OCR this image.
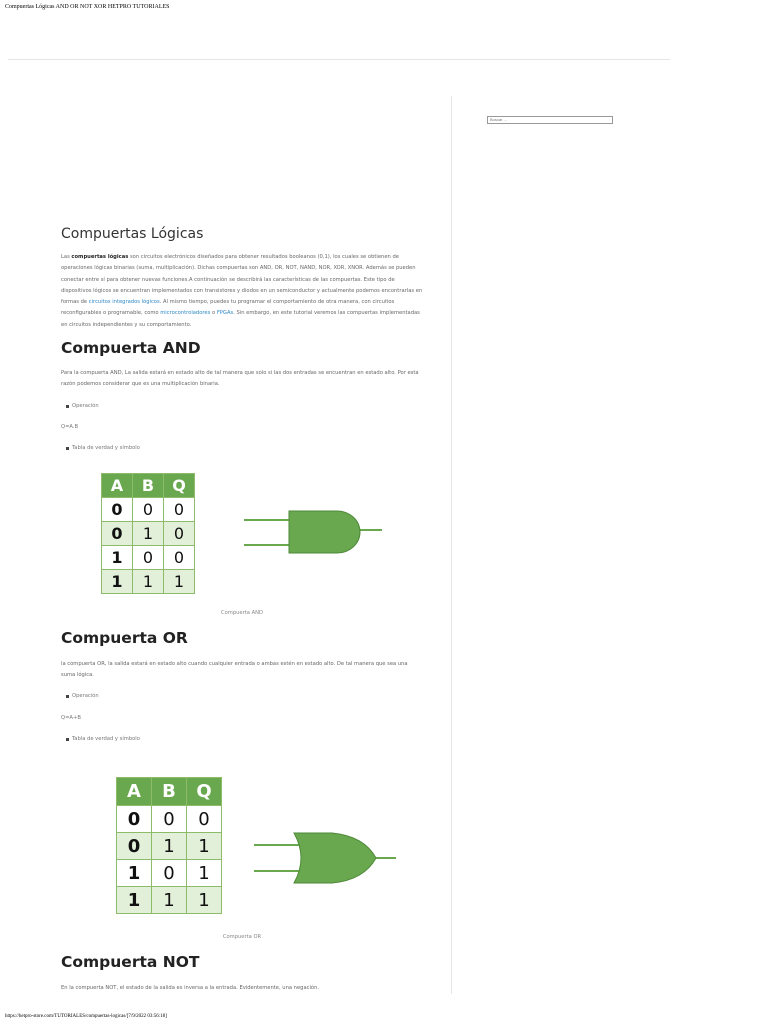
Compuertas Lógicas AND OR NOT XOR HETPRO TUTORIALES
Buscar ...
Compuertas Lógicas

Las compuertas lógicas son circuitos electrónicos diseñados para obtener resultados booleanos (0,1), los cuales se obtienen de operaciones lógicas binarias (suma, multiplicación). Dichas compuertas son AND, OR, NOT, NAND, NOR, XOR, XNOR. Además se pueden conectar entre sí para obtener nuevas funciones.A continuación se describirá las características de las compuertas. Este tipo de dispositivos lógicos se encuentran implementados con transistores y diodos en un semiconductor y actualmente podemos encontrarlas en formas de circuitos integrados lógicos. Al mismo tiempo, puedes tu programar el comportamiento de otra manera, con circuitos reconfigurables o programable, como microcontroladores o FPGAs. Sin embargo, en este tutorial veremos las compuertas implementadas en circuitos independientes y su comportamiento.

Compuerta AND

Para la compuerta AND, La salida estará en estado alto de tal manera que solo si las dos entradas se encuentran en estado alto. Por esta razón podemos considerar que es una multiplicación binaria.

Operación

Q=A.B

Tabla de verdad y símbolo

A	B	Q
0	0	0
0	1	0
1	0	0
1	1	1

Compuerta AND

Compuerta OR

la compuerta OR, la salida estará en estado alto cuando cualquier entrada o ambas estén en estado alto. De tal manera que sea una suma lógica.

Operación

Q=A+B

Tabla de verdad y símbolo

A	B	Q
0	0	0
0	1	1
1	0	1
1	1	1

Compuerta OR

Compuerta NOT

En la compuerta NOT, el estado de la salida es inversa a la entrada. Evidentemente, una negación.

https://hetpro-store.com/TUTORIALES/compuertas-logicas/[7/9/2022 03:56:18]
